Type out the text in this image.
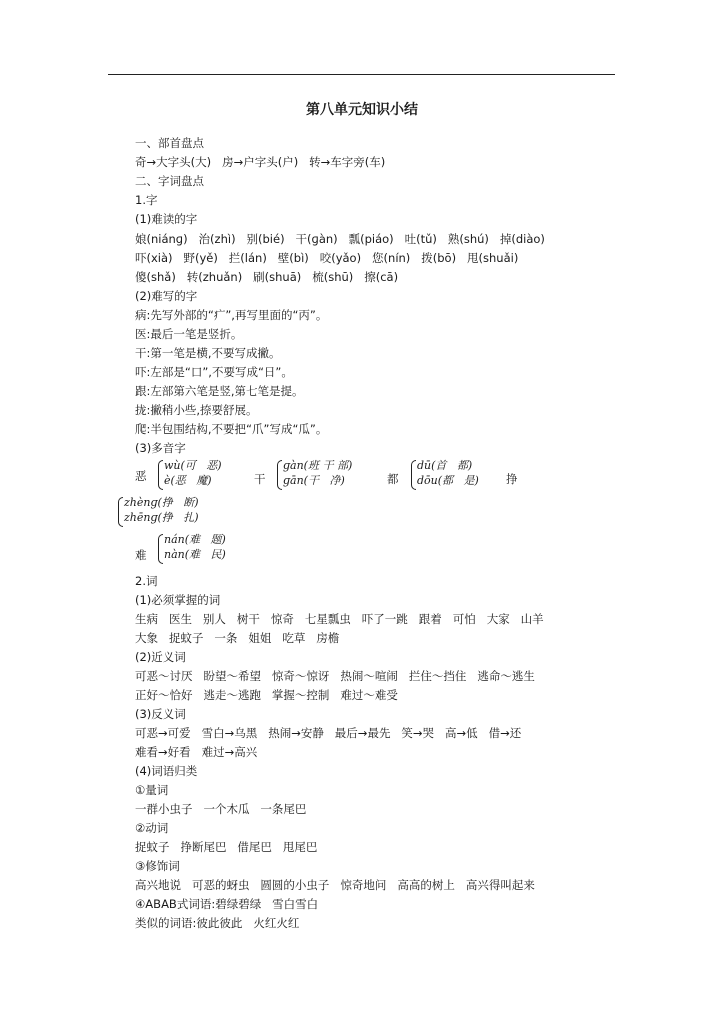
第八单元知识小结
一、部首盘点
奇→大字头(大)   房→户字头(户)   转→车字旁(车)
二、字词盘点
1.字
(1)难读的字
娘(niánɡ)   治(zhì)   别(bié)   干(ɡàn)   瓢(piáo)   吐(tǔ)   熟(shú)   掉(diào)
吓(xià)   野(yě)   拦(lán)   壁(bì)   咬(yǎo)   您(nín)   拨(bō)   甩(shuǎi)
傻(shǎ)   转(zhuǎn)   刷(shuā)   梳(shū)   擦(cā)
(2)难写的字
病:先写外部的“疒”,再写里面的“丙”。
医:最后一笔是竖折。
干:第一笔是横,不要写成撇。
吓:左部是“口”,不要写成“日”。
跟:左部第六笔是竖,第七笔是提。
拢:撇稍小些,捺要舒展。
爬:半包围结构,不要把“爪”写成“瓜”。
(3)多音字
恶

wù(可   恶)

è(恶   魔)	干

ɡàn(班 干 部)

ɡān(干   净)	都

dū(首   都)

dōu(都   是) 挣

zhènɡ(挣   断)

zhēnɡ(挣   扎)

难

nán(难   题)

nàn(难   民)

2.词
(1)必须掌握的词
生病   医生   别人   树干   惊奇   七星瓢虫   吓了一跳   跟着   可怕   大家   山羊
大象   捉蚊子   一条   姐姐   吃草   房檐
(2)近义词
可恶～讨厌   盼望～希望   惊奇～惊讶   热闹～喧闹   拦住～挡住   逃命～逃生
正好～恰好   逃走～逃跑   掌握～控制   难过～难受
(3)反义词
可恶→可爱   雪白→乌黑   热闹→安静   最后→最先   笑→哭   高→低   借→还
难看→好看   难过→高兴
(4)词语归类
①量词
一群小虫子   一个木瓜   一条尾巴
②动词
捉蚊子   挣断尾巴   借尾巴   甩尾巴
③修饰词
高兴地说   可恶的蚜虫   圆圆的小虫子   惊奇地问   高高的树上   高兴得叫起来
④ABAB式词语:碧绿碧绿   雪白雪白
类似的词语:彼此彼此   火红火红
